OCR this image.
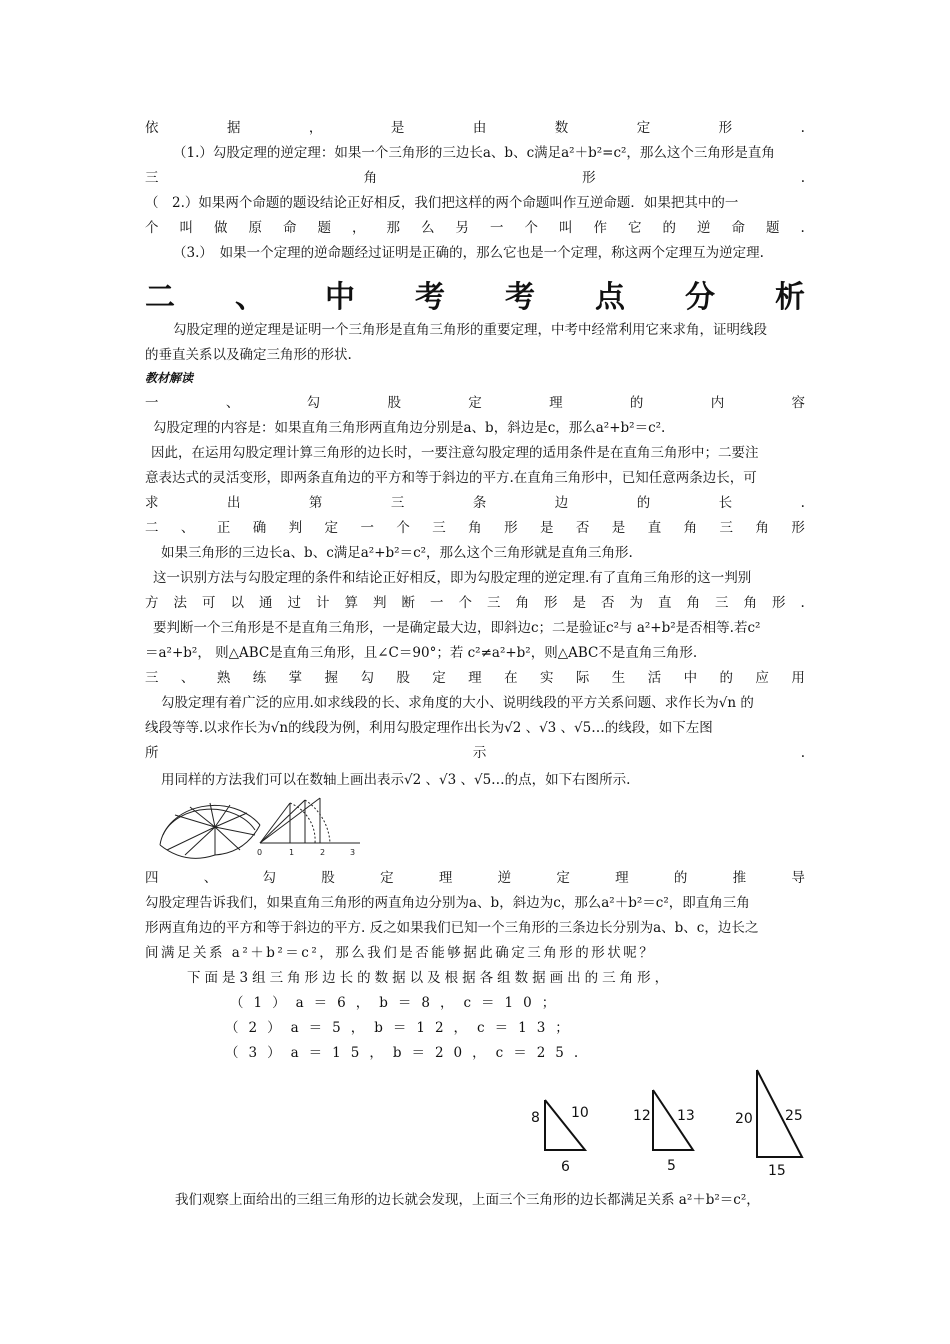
依	据	，	是	由	数	定	形	.
（1.）勾股定理的逆定理：如果一个三角形的三边长a、b、c满足a²＋b²=c²，那么这个三角形是直角
三	角	形	.
（　2.）如果两个命题的题设结论正好相反，我们把这样的两个命题叫作互逆命题．如果把其中的一
个 叫 做 原 命 题 ， 那 么 另 一 个 叫 作 它 的 逆 命 题 .
（3.）　如果一个定理的逆命题经过证明是正确的，那么它也是一个定理，称这两个定理互为逆定理.
二 、 中 考 考 点 分 析
勾股定理的逆定理是证明一个三角形是直角三角形的重要定理，中考中经常利用它来求角，证明线段
的垂直关系以及确定三角形的形状.
教材解读
一	、	勾	股	定	理	的	内	容
勾股定理的内容是：如果直角三角形两直角边分别是a、b，斜边是c，那么a²+b²＝c².
因此，在运用勾股定理计算三角形的边长时，一要注意勾股定理的适用条件是在直角三角形中；二要注
意表达式的灵活变形，即两条直角边的平方和等于斜边的平方.在直角三角形中，已知任意两条边长，可
求	出	第	三	条	边	的	长	.
二 、 正 确 判 定 一 个 三 角 形 是 否 是 直 角 三 角 形
如果三角形的三边长a、b、c满足a²+b²＝c²，那么这个三角形就是直角三角形.
这一识别方法与勾股定理的条件和结论正好相反，即为勾股定理的逆定理.有了直角三角形的这一判别
方 法 可 以 通 过 计 算 判 断 一 个 三 角 形 是 否 为 直 角 三 角 形 .
要判断一个三角形是不是直角三角形，一是确定最大边，即斜边c；二是验证c²与 a²+b²是否相等.若c²
＝a²+b²， 则△ABC是直角三角形，且∠C＝90°；若 c²≠a²+b²，则△ABC不是直角三角形.
三 、 熟 练 掌 握 勾 股 定 理 在 实 际 生 活 中 的 应 用
勾股定理有着广泛的应用.如求线段的长、求角度的大小、说明线段的平方关系问题、求作长为√n 的
线段等等.以求作长为√n的线段为例，利用勾股定理作出长为√2 、√3 、√5…的线段，如下左图
所	示	.
用同样的方法我们可以在数轴上画出表示√2 、√3 、√5…的点，如下右图所示.
0	1	2	3
四	、	勾	股	定	理	逆	定	理	的	推	导
勾股定理告诉我们，如果直角三角形的两直角边分别为a、b，斜边为c，那么a²＋b²＝c²，即直角三角
形两直角边的平方和等于斜边的平方. 反之如果我们已知一个三角形的三条边长分别为a、b、c，边长之
间满足关系 a²＋b²＝c²，那么我们是否能够据此确定三角形的形状呢？
下面是3组三角形边长的数据以及根据各组数据画出的三角形，
（1）a＝6，b＝8，c＝10；
（2）a＝5，b＝12，c＝13；
（3）a＝15，b＝20，c＝25.
8 10
6
12 13
5
20 25
15
我们观察上面给出的三组三角形的边长就会发现，上面三个三角形的边长都满足关系 a²＋b²＝c²，
